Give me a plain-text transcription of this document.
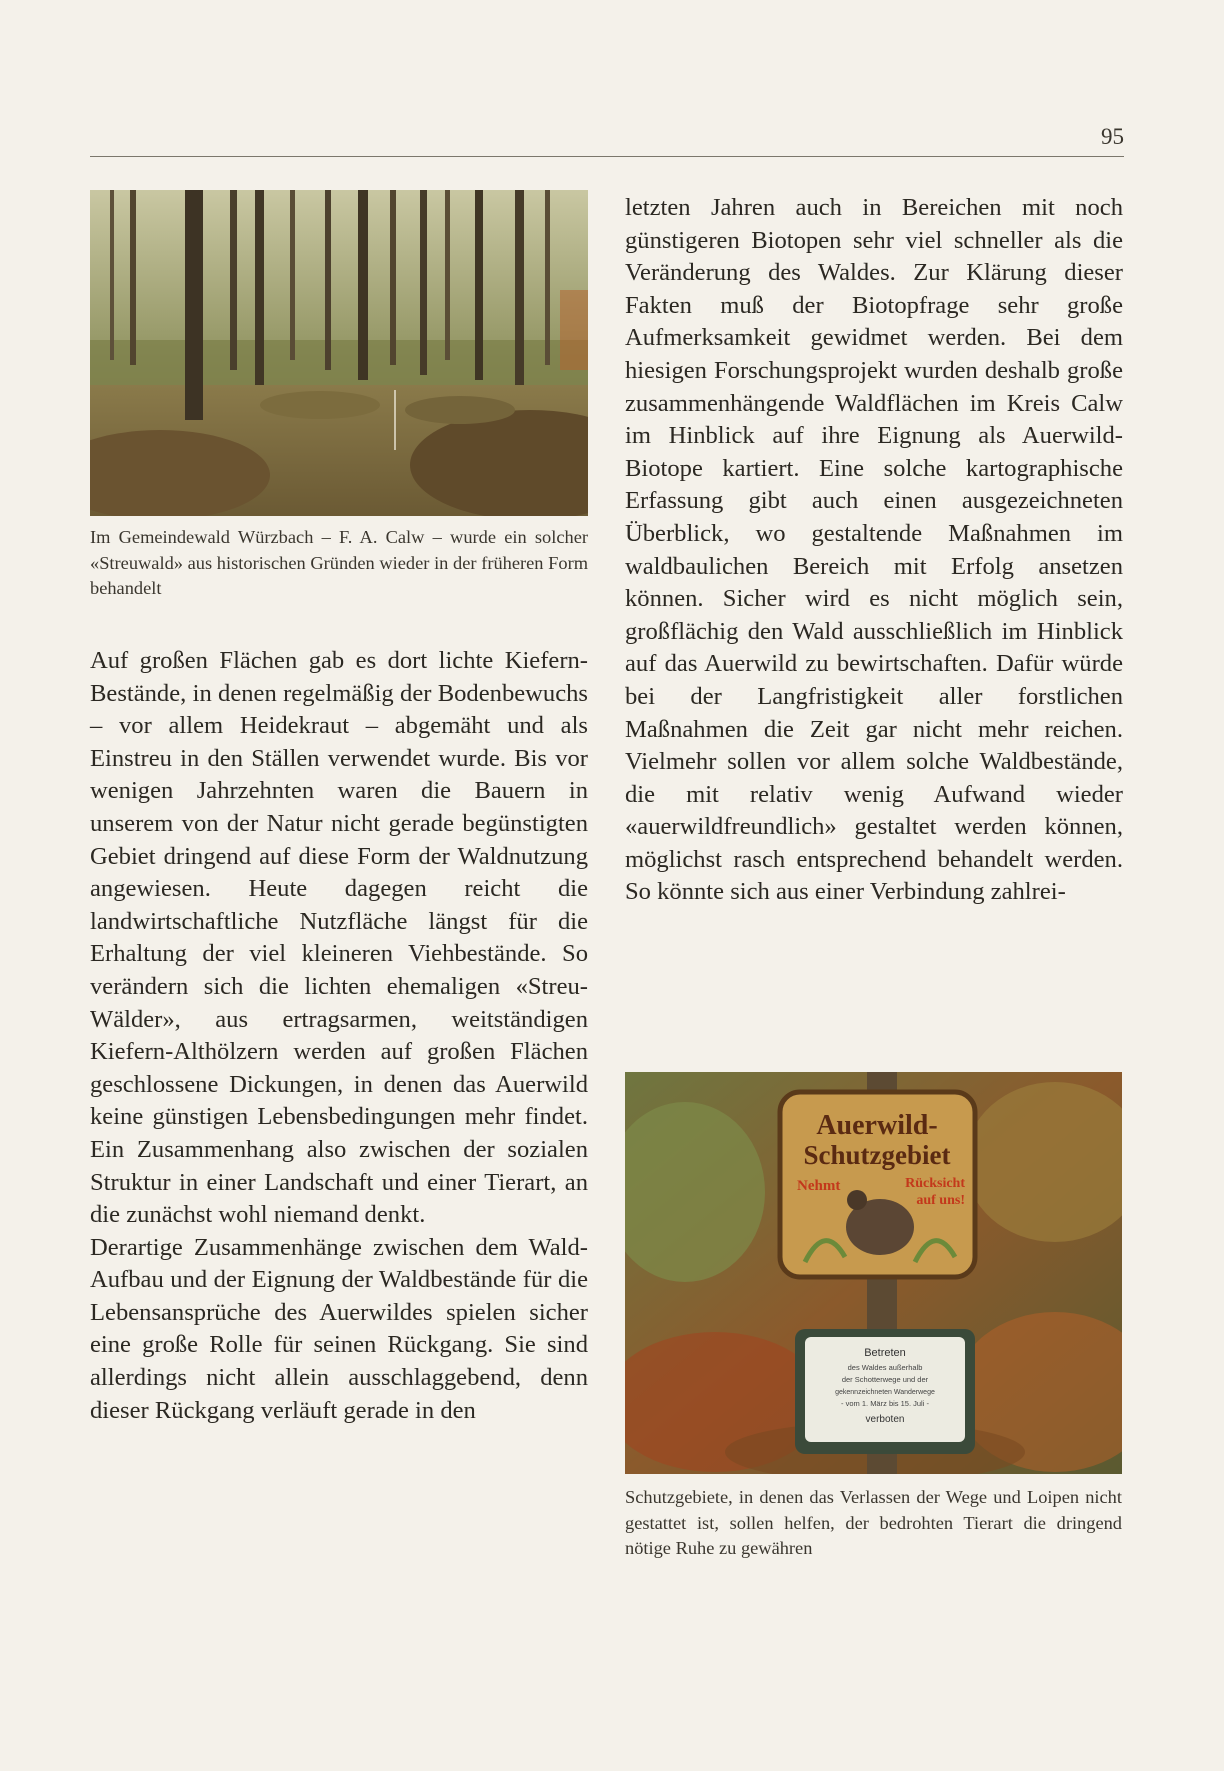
95
Im Gemeindewald Würzbach – F. A. Calw – wurde ein solcher «Streuwald» aus historischen Gründen wieder in der früheren Form behandelt

Auf großen Flächen gab es dort lichte Kiefern-Bestände, in denen regelmäßig der Bodenbewuchs – vor allem Heidekraut – abgemäht und als Einstreu in den Ställen verwendet wurde. Bis vor wenigen Jahrzehnten waren die Bauern in unserem von der Natur nicht gerade begünstigten Gebiet dringend auf diese Form der Waldnutzung angewiesen. Heute dagegen reicht die landwirtschaftliche Nutzfläche längst für die Erhaltung der viel kleineren Viehbestände. So verändern sich die lichten ehemaligen «Streu-Wälder», aus ertragsarmen, weitständigen Kiefern-Althölzern werden auf großen Flächen geschlossene Dickungen, in denen das Auerwild keine günstigen Lebensbedingungen mehr findet. Ein Zusammenhang also zwischen der sozialen Struktur in einer Landschaft und einer Tierart, an die zunächst wohl niemand denkt.

Derartige Zusammenhänge zwischen dem Wald-Aufbau und der Eignung der Waldbestände für die Lebensansprüche des Auerwildes spielen sicher eine große Rolle für seinen Rückgang. Sie sind allerdings nicht allein ausschlaggebend, denn dieser Rückgang verläuft gerade in den

letzten Jahren auch in Bereichen mit noch günstigeren Biotopen sehr viel schneller als die Veränderung des Waldes. Zur Klärung dieser Fakten muß der Biotopfrage sehr große Aufmerksamkeit gewidmet werden. Bei dem hiesigen Forschungsprojekt wurden deshalb große zusammenhängende Waldflächen im Kreis Calw im Hinblick auf ihre Eignung als Auerwild-Biotope kartiert. Eine solche kartographische Erfassung gibt auch einen ausgezeichneten Überblick, wo gestaltende Maßnahmen im waldbaulichen Bereich mit Erfolg ansetzen können. Sicher wird es nicht möglich sein, großflächig den Wald ausschließlich im Hinblick auf das Auerwild zu bewirtschaften. Dafür würde bei der Langfristigkeit aller forstlichen Maßnahmen die Zeit gar nicht mehr reichen. Vielmehr sollen vor allem solche Waldbestände, die mit relativ wenig Aufwand wieder «auerwildfreundlich» gestaltet werden können, möglichst rasch entsprechend behandelt werden. So könnte sich aus einer Verbindung zahlrei-

Auerwild-
Schutzgebiet
Nehmt	Rücksicht
auf uns!
Betreten
des Waldes außerhalb
der Schotterwege und der
gekennzeichneten Wanderwege
- vom 1. März bis 15. Juli -
verboten
Schutzgebiete, in denen das Verlassen der Wege und Loipen nicht gestattet ist, sollen helfen, der bedrohten Tierart die dringend nötige Ruhe zu gewähren
